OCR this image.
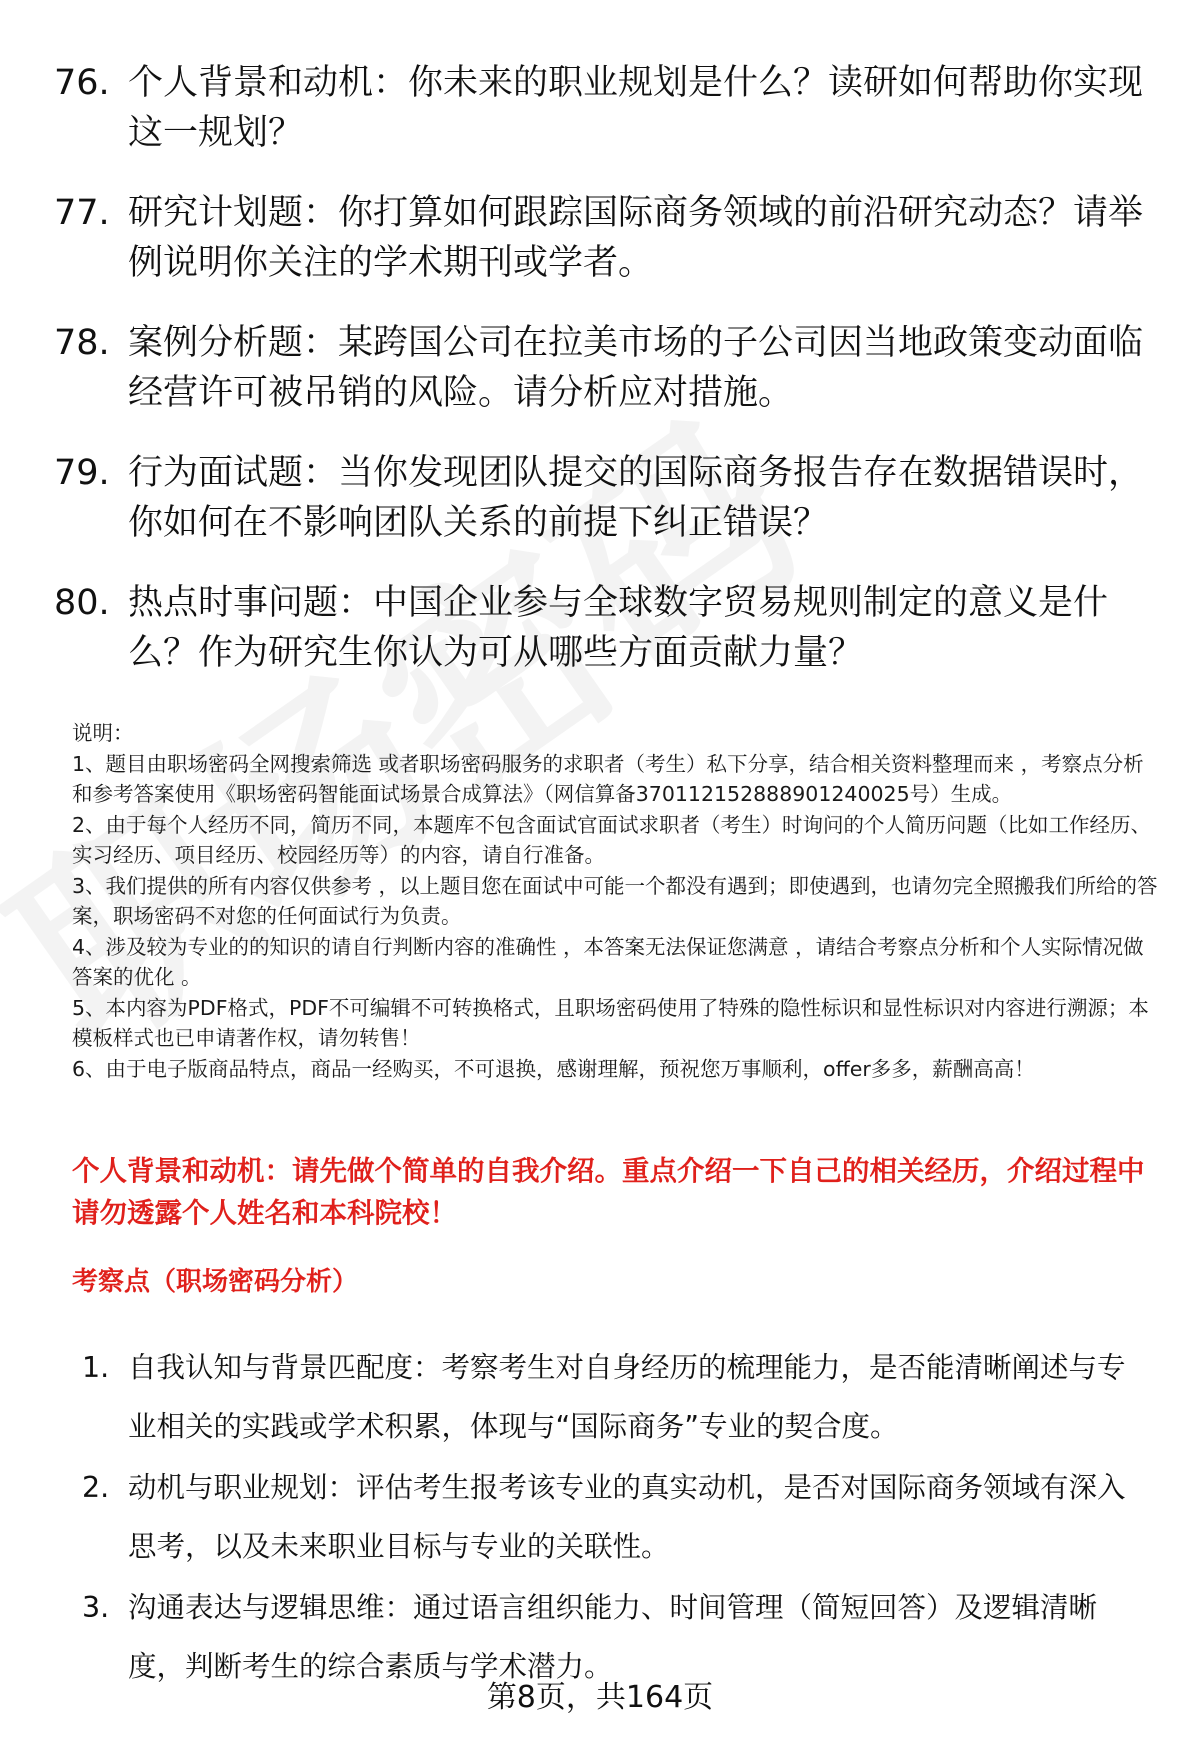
76. 个人背景和动机：你未来的职业规划是什么？读研如何帮助你实现这一规划？
77. 研究计划题：你打算如何跟踪国际商务领域的前沿研究动态？请举例说明你关注的学术期刊或学者。
78. 案例分析题：某跨国公司在拉美市场的子公司因当地政策变动面临经营许可被吊销的风险。请分析应对措施。
79. 行为面试题：当你发现团队提交的国际商务报告存在数据错误时，你如何在不影响团队关系的前提下纠正错误？
80. 热点时事问题：中国企业参与全球数字贸易规则制定的意义是什么？作为研究生你认为可从哪些方面贡献力量？

说明：

1、题目由职场密码全网搜索筛选 或者职场密码服务的求职者（考生）私下分享，结合相关资料整理而来 ，考察点分析和参考答案使用《职场密码智能面试场景合成算法》（网信算备370112152888901240025号）生成。

2、由于每个人经历不同，简历不同，本题库不包含面试官面试求职者（考生）时询问的个人简历问题（比如工作经历、实习经历、项目经历、校园经历等）的内容，请自行准备。

3、我们提供的所有内容仅供参考 ，以上题目您在面试中可能一个都没有遇到；即使遇到，也请勿完全照搬我们所给的答案，职场密码不对您的任何面试行为负责。

4、涉及较为专业的的知识的请自行判断内容的准确性 ，本答案无法保证您满意 ，请结合考察点分析和个人实际情况做答案的优化 。

5、本内容为PDF格式，PDF不可编辑不可转换格式，且职场密码使用了特殊的隐性标识和显性标识对内容进行溯源；本模板样式也已申请著作权，请勿转售！

6、由于电子版商品特点，商品一经购买，不可退换，感谢理解，预祝您万事顺利，offer多多，薪酬高高！

个人背景和动机：请先做个简单的自我介绍。重点介绍一下自己的相关经历，介绍过程中请勿透露个人姓名和本科院校！
考察点（职场密码分析）
1. 自我认知与背景匹配度：考察考生对自身经历的梳理能力，是否能清晰阐述与专业相关的实践或学术积累，体现与“国际商务”专业的契合度。
2. 动机与职业规划：评估考生报考该专业的真实动机，是否对国际商务领域有深入思考，以及未来职业目标与专业的关联性。
3. 沟通表达与逻辑思维：通过语言组织能力、时间管理（简短回答）及逻辑清晰度，判断考生的综合素质与学术潜力。
第8页，共164页
